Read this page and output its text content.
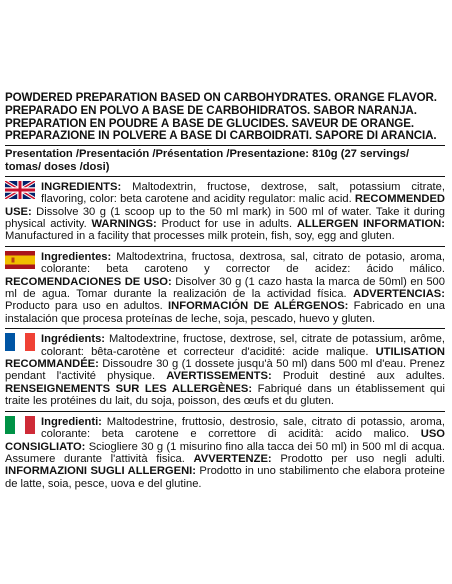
POWDERED PREPARATION BASED ON CARBOHYDRATES. ORANGE FLAVOR.
PREPARADO EN POLVO A BASE DE CARBOHIDRATOS. SABOR NARANJA.
PRÉPARATION EN POUDRE À BASE DE GLUCIDES. SAVEUR DE ORANGE.
PREPARAZIONE IN POLVERE A BASE DI CARBOIDRATI. SAPORE DI ARANCIA.
Presentation /Presentación /Présentation /Presentazione: 810g (27 servings/ tomas/ doses /dosi)
INGREDIENTS: Maltodextrin, fructose, dextrose, salt, potassium citrate, flavoring, color: beta carotene and acidity regulator: malic acid. RECOMMENDED USE: Dissolve 30 g (1 scoop up to the 50 ml mark) in 500 ml of water. Take it during physical activity. WARNINGS: Product for use in adults. ALLERGEN INFORMATION: Manufactured in a facility that processes milk protein, fish, soy, egg and gluten.
Ingredientes: Maltodextrina, fructosa, dextrosa, sal, citrato de potasio, aroma, colorante: beta caroteno y corrector de acidez: ácido málico. RECOMENDACIONES DE USO: Disolver 30 g (1 cazo hasta la marca de 50ml) en 500 ml de agua. Tomar durante la realización de la actividad física. ADVERTENCIAS: Producto para uso en adultos. INFORMACIÓN DE ALÉRGENOS: Fabricado en una instalación que procesa proteínas de leche, soja, pescado, huevo y gluten.
Ingrédients: Maltodextrine, fructose, dextrose, sel, citrate de potassium, arôme, colorant: bêta-carotène et correcteur d'acidité: acide malique. UTILISATION RECOMMANDÉE: Dissoudre 30 g (1 dossete jusqu'à 50 ml) dans 500 ml d'eau. Prenez pendant l'activité physique. AVERTISSEMENTS: Produit destiné aux adultes. RENSEIGNEMENTS SUR LES ALLERGÈNES: Fabriqué dans un établissement qui traite les protéines du lait, du soja, poisson, des œufs et du gluten.
Ingredienti: Maltodestrine, fruttosio, destrosio, sale, citrato di potassio, aroma, colorante: beta carotene e correttore di acidità: acido malico. USO CONSIGLIATO: Sciogliere 30 g (1 misurino fino alla tacca dei 50 ml) in 500 ml di acqua. Assumere durante l'attività fisica. AVVERTENZE: Prodotto per uso negli adulti. INFORMAZIONI SUGLI ALLERGENI: Prodotto in uno stabilimento che elabora proteine de latte, soia, pesce, uova e del glutine.
